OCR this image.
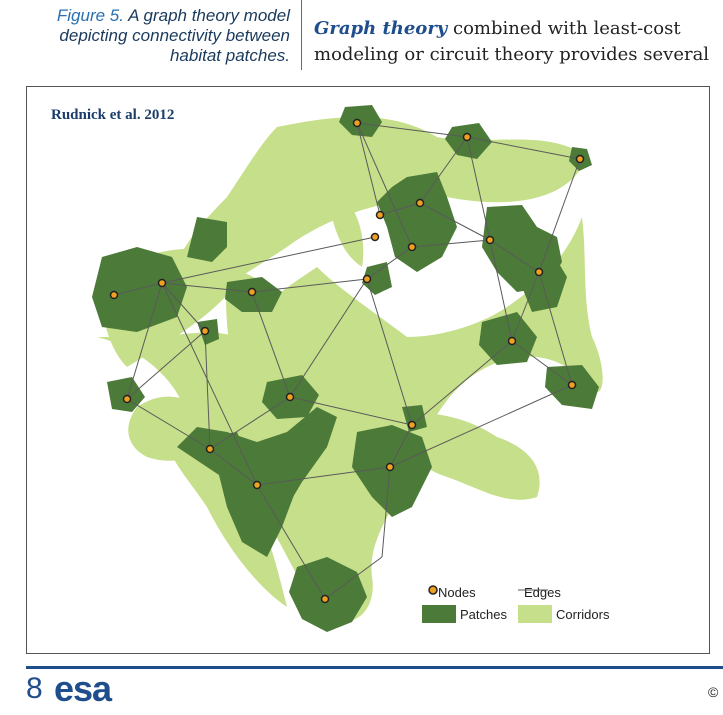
Figure 5. A graph theory model depicting connectivity between habitat patches.
Graph theory combined with least-cost modeling or circuit theory provides several
Rudnick et al. 2012
Nodes	Edges
Patches	Corridors
8 esa	©
